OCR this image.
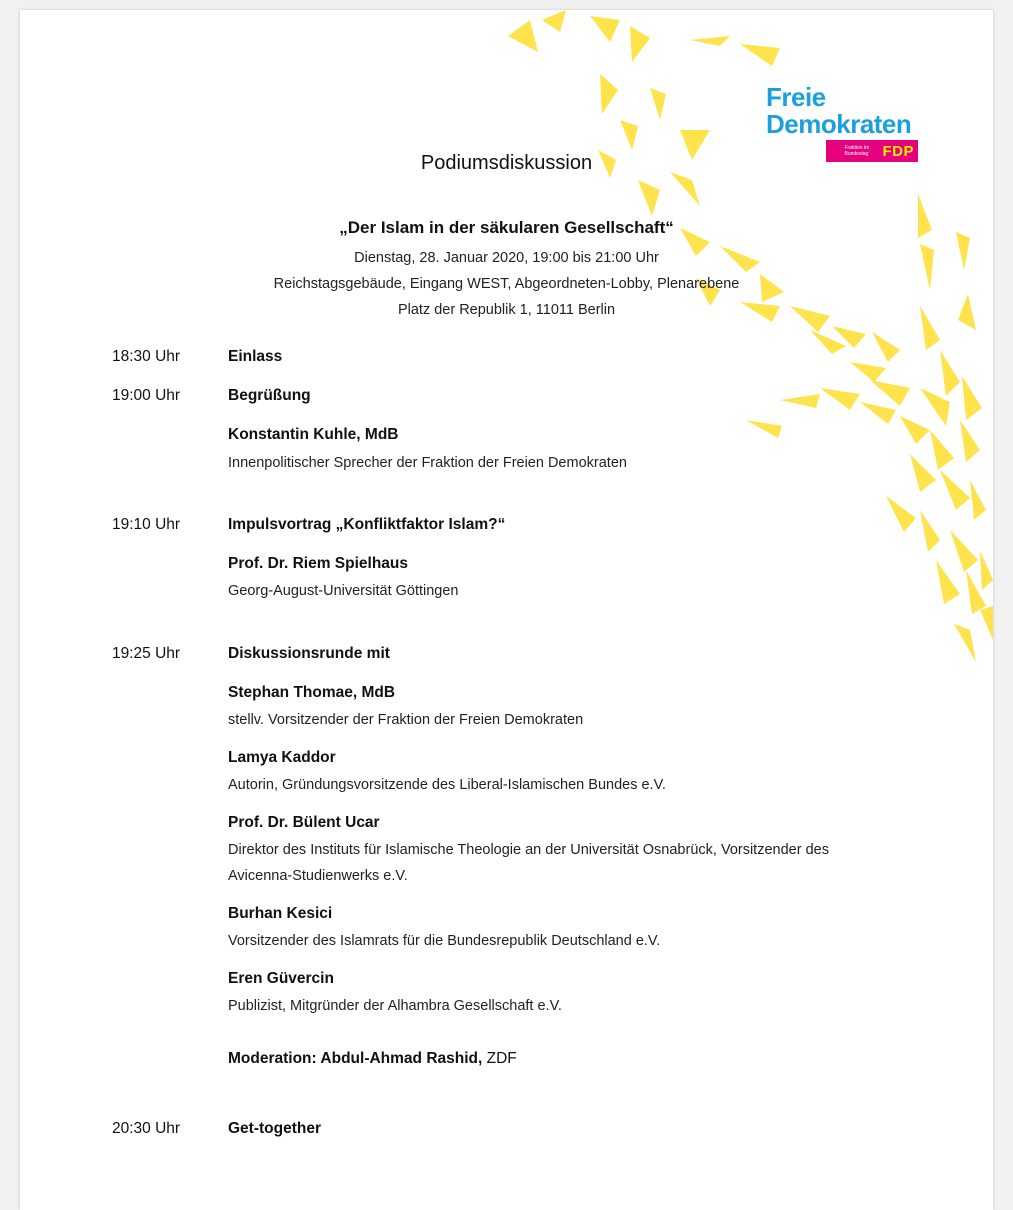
Freie
Demokraten
Fraktion im Bundestag FDP
Podiumsdiskussion
„Der Islam in der säkularen Gesellschaft“
Dienstag, 28. Januar 2020, 19:00 bis 21:00 Uhr
Reichstagsgebäude, Eingang WEST, Abgeordneten-Lobby, Plenarebene
Platz der Republik 1, 11011 Berlin
18:30 Uhr	Einlass
19:00 Uhr	Begrüßung
Konstantin Kuhle, MdB
Innenpolitischer Sprecher der Fraktion der Freien Demokraten
19:10 Uhr	Impulsvortrag „Konfliktfaktor Islam?“
Prof. Dr. Riem Spielhaus
Georg-August-Universität Göttingen
19:25 Uhr	Diskussionsrunde mit
Stephan Thomae, MdB
stellv. Vorsitzender der Fraktion der Freien Demokraten
Lamya Kaddor
Autorin, Gründungsvorsitzende des Liberal-Islamischen Bundes e.V.
Prof. Dr. Bülent Ucar
Direktor des Instituts für Islamische Theologie an der Universität Osnabrück, Vorsitzender des
Avicenna-Studienwerks e.V.
Burhan Kesici
Vorsitzender des Islamrats für die Bundesrepublik Deutschland e.V.
Eren Güvercin
Publizist, Mitgründer der Alhambra Gesellschaft e.V.
Moderation: Abdul-Ahmad Rashid, ZDF
20:30 Uhr	Get-together
